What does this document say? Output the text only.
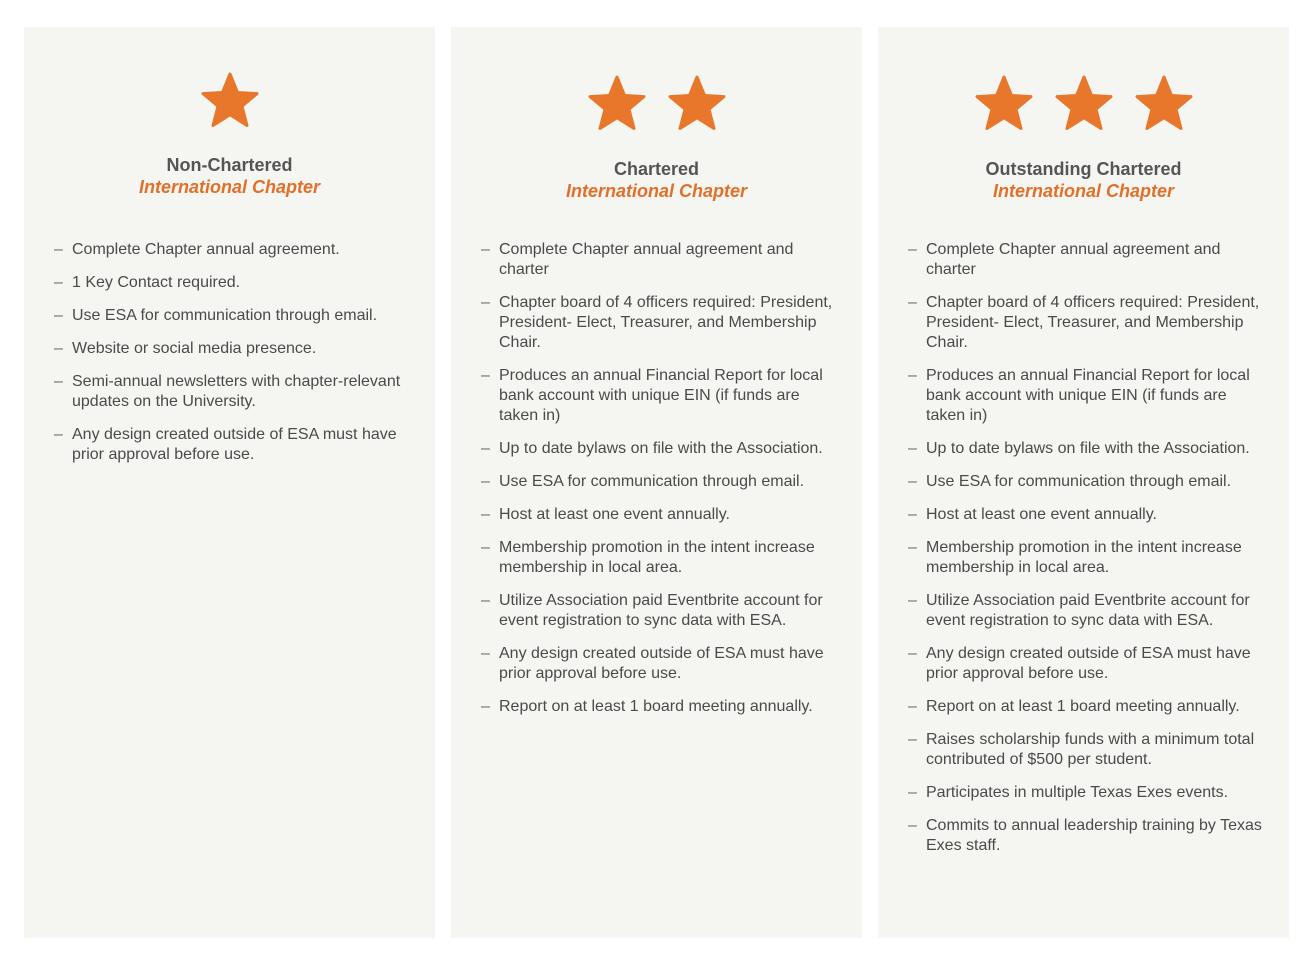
Non-Chartered
International Chapter
– Complete Chapter annual agreement.
– 1 Key Contact required.
– Use ESA for communication through email.
– Website or social media presence.
– Semi-annual newsletters with chapter-relevant updates on the University.
– Any design created outside of ESA must have prior approval before use.
Chartered
International Chapter
– Complete Chapter annual agreement and charter
– Chapter board of 4 officers required: President, President- Elect, Treasurer, and Membership Chair.
– Produces an annual Financial Report for local bank account with unique EIN (if funds are taken in)
– Up to date bylaws on file with the Association.
– Use ESA for communication through email.
– Host at least one event annually.
– Membership promotion in the intent increase membership in local area.
– Utilize Association paid Eventbrite account for event registration to sync data with ESA.
– Any design created outside of ESA must have prior approval before use.
– Report on at least 1 board meeting annually.
Outstanding Chartered
International Chapter
– Complete Chapter annual agreement and charter
– Chapter board of 4 officers required: President, President- Elect, Treasurer, and Membership Chair.
– Produces an annual Financial Report for local bank account with unique EIN (if funds are taken in)
– Up to date bylaws on file with the Association.
– Use ESA for communication through email.
– Host at least one event annually.
– Membership promotion in the intent increase membership in local area.
– Utilize Association paid Eventbrite account for event registration to sync data with ESA.
– Any design created outside of ESA must have prior approval before use.
– Report on at least 1 board meeting annually.
– Raises scholarship funds with a minimum total contributed of $500 per student.
– Participates in multiple Texas Exes events.
– Commits to annual leadership training by Texas Exes staff.
